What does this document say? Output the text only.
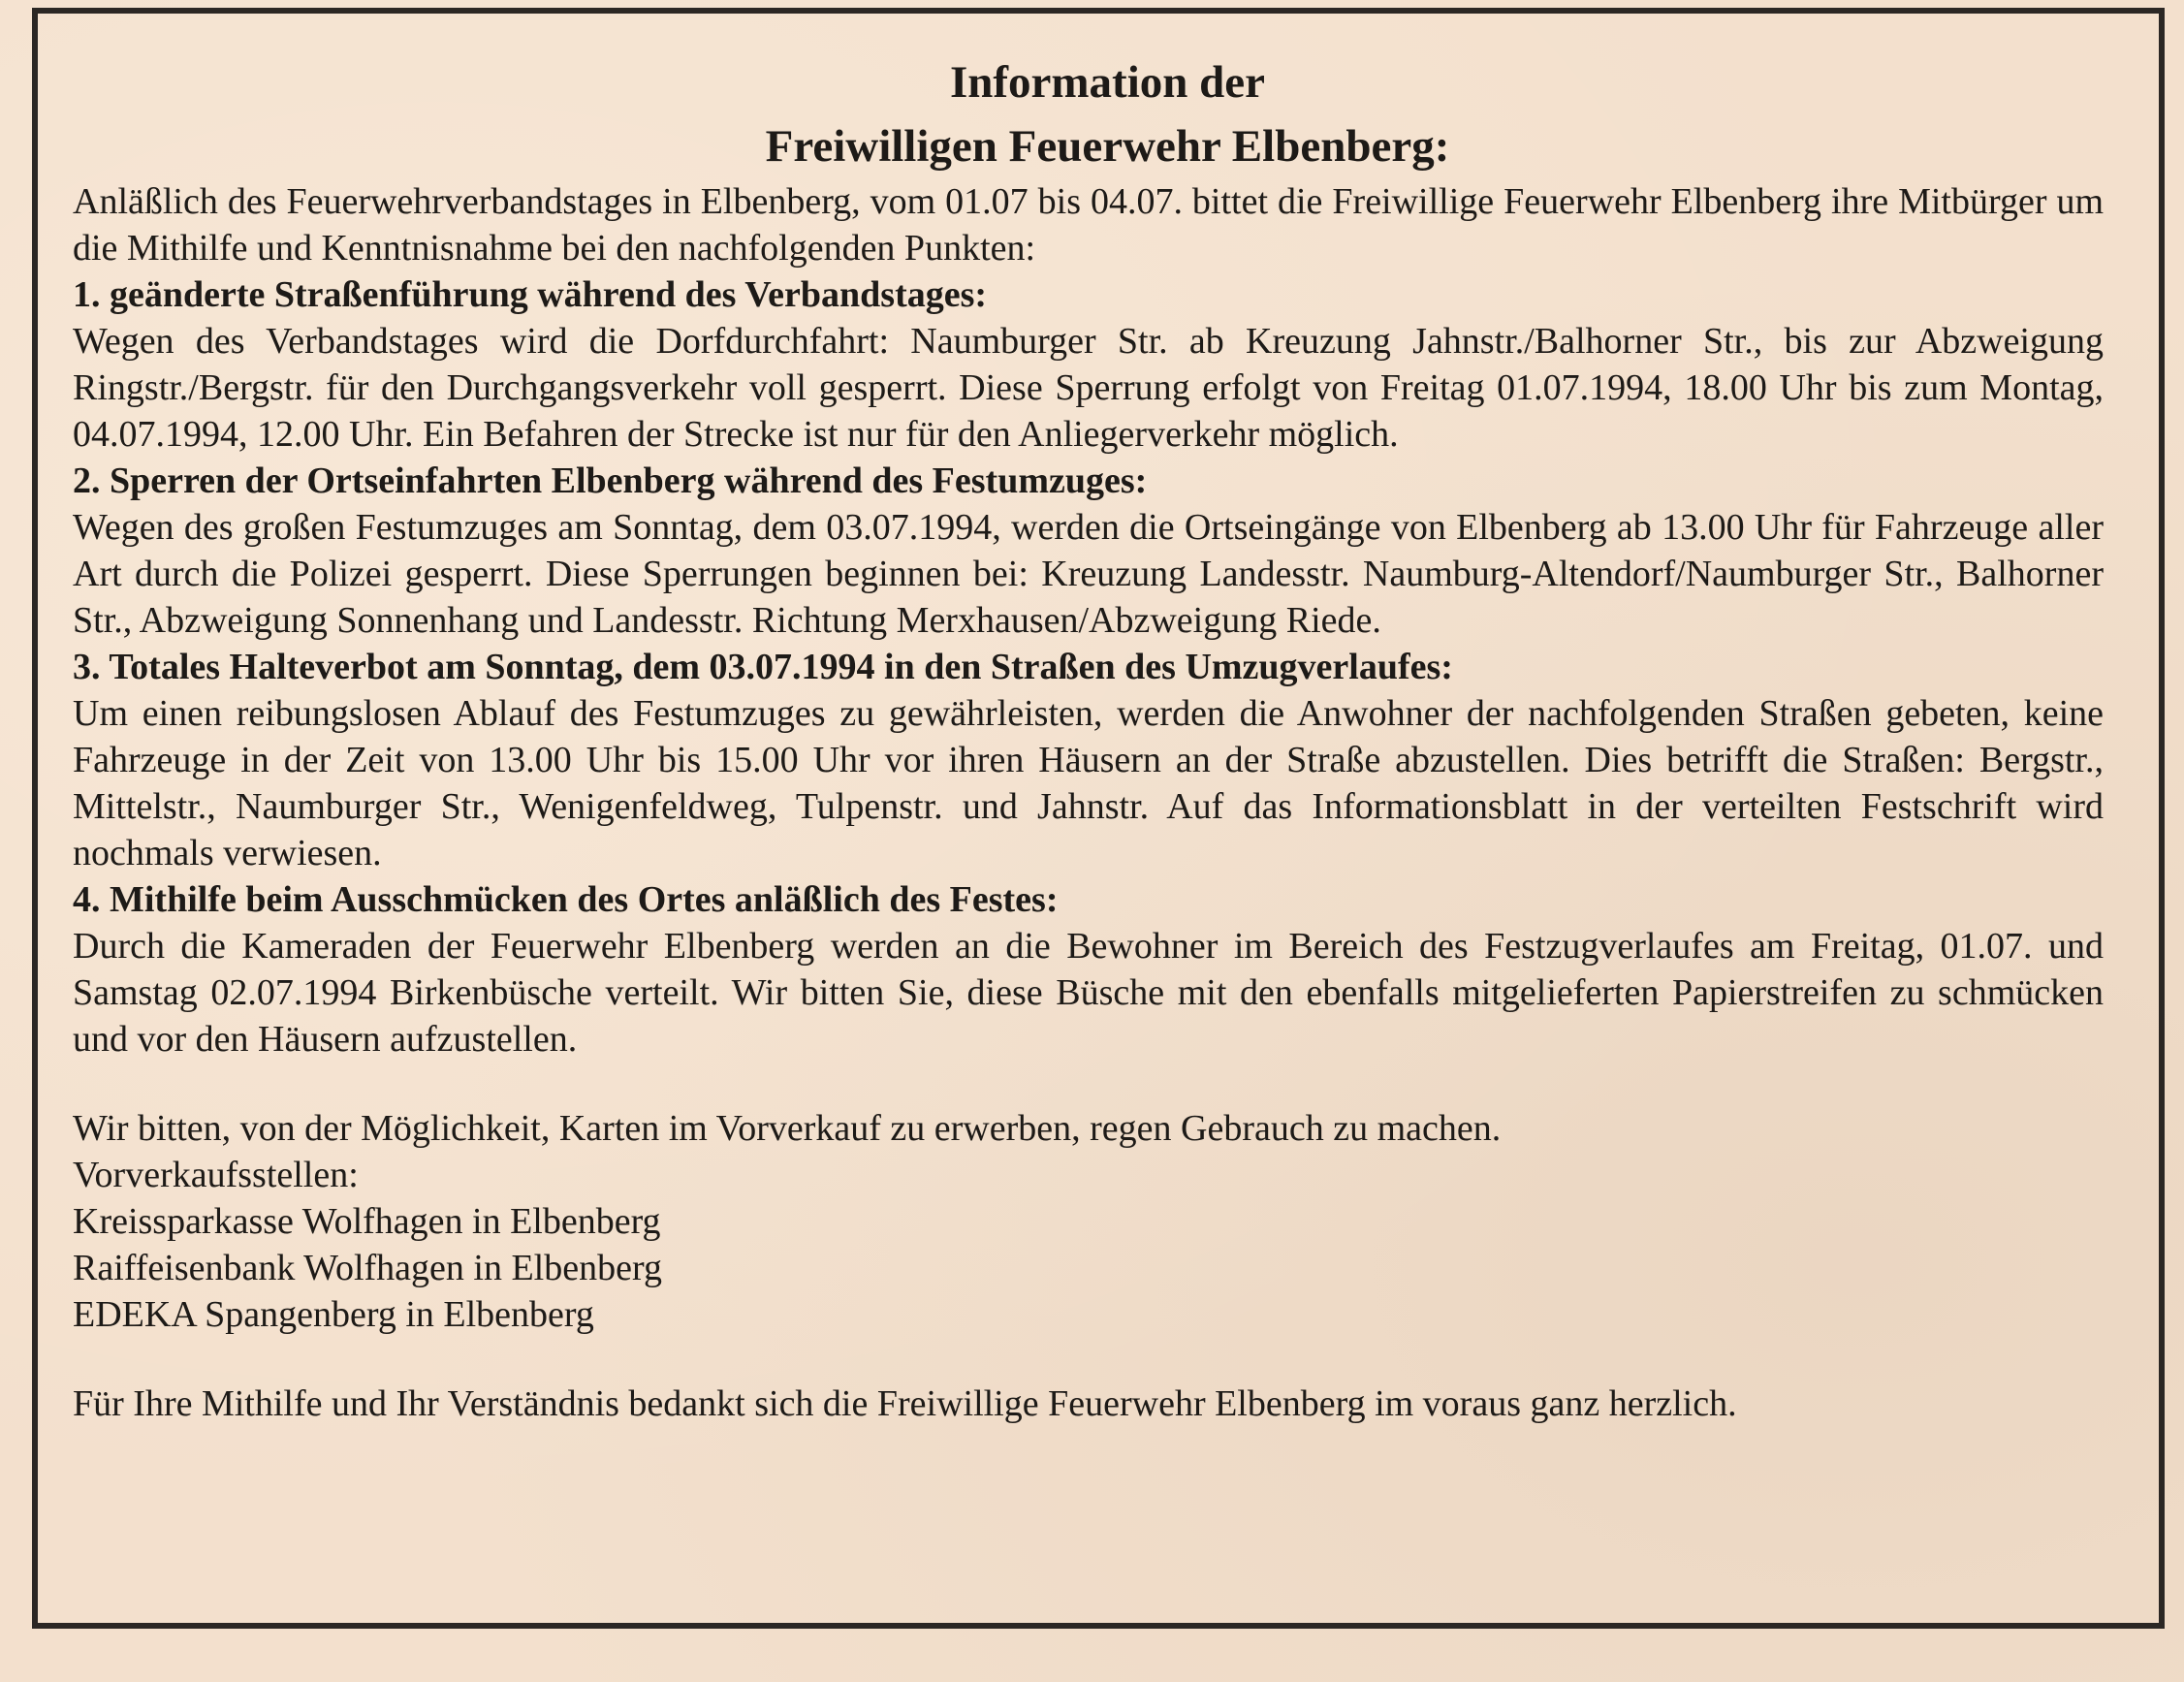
Information der
Freiwilligen Feuerwehr Elbenberg:

Anläßlich des Feuerwehrverbandstages in Elbenberg, vom 01.07 bis 04.07. bittet die Freiwillige Feuerwehr Elbenberg ihre Mitbürger um die Mithilfe und Kenntnisnahme bei den nachfolgenden Punkten:

1. geänderte Straßenführung während des Verbandstages:

Wegen des Verbandstages wird die Dorfdurchfahrt: Naumburger Str. ab Kreuzung Jahnstr./Balhorner Str., bis zur Abzweigung Ringstr./Bergstr. für den Durchgangsverkehr voll gesperrt. Diese Sperrung erfolgt von Freitag 01.07.1994, 18.00 Uhr bis zum Montag, 04.07.1994, 12.00 Uhr. Ein Befahren der Strecke ist nur für den Anliegerverkehr möglich.

2. Sperren der Ortseinfahrten Elbenberg während des Festumzuges:

Wegen des großen Festumzuges am Sonntag, dem 03.07.1994, werden die Ortseingänge von Elbenberg ab 13.00 Uhr für Fahrzeuge aller Art durch die Polizei gesperrt. Diese Sperrungen beginnen bei: Kreuzung Landesstr. Naumburg-Altendorf/Naumburger Str., Balhorner Str., Abzweigung Sonnenhang und Landesstr. Richtung Merxhausen/Abzweigung Riede.

3. Totales Halteverbot am Sonntag, dem 03.07.1994 in den Straßen des Umzugverlaufes:

Um einen reibungslosen Ablauf des Festumzuges zu gewährleisten, werden die Anwohner der nachfolgenden Straßen gebeten, keine Fahrzeuge in der Zeit von 13.00 Uhr bis 15.00 Uhr vor ihren Häusern an der Straße abzustellen. Dies betrifft die Straßen: Bergstr., Mittelstr., Naumburger Str., Wenigenfeldweg, Tulpenstr. und Jahnstr. Auf das Informationsblatt in der verteilten Festschrift wird nochmals verwiesen.

4. Mithilfe beim Ausschmücken des Ortes anläßlich des Festes:

Durch die Kameraden der Feuerwehr Elbenberg werden an die Bewohner im Bereich des Festzugverlaufes am Freitag, 01.07. und Samstag 02.07.1994 Birkenbüsche verteilt. Wir bitten Sie, diese Büsche mit den ebenfalls mitgelieferten Papierstreifen zu schmücken und vor den Häusern aufzustellen.

Wir bitten, von der Möglichkeit, Karten im Vorverkauf zu erwerben, regen Gebrauch zu machen.

Vorverkaufsstellen:

Kreissparkasse Wolfhagen in Elbenberg

Raiffeisenbank Wolfhagen in Elbenberg

EDEKA Spangenberg in Elbenberg

Für Ihre Mithilfe und Ihr Verständnis bedankt sich die Freiwillige Feuerwehr Elbenberg im voraus ganz herzlich.
